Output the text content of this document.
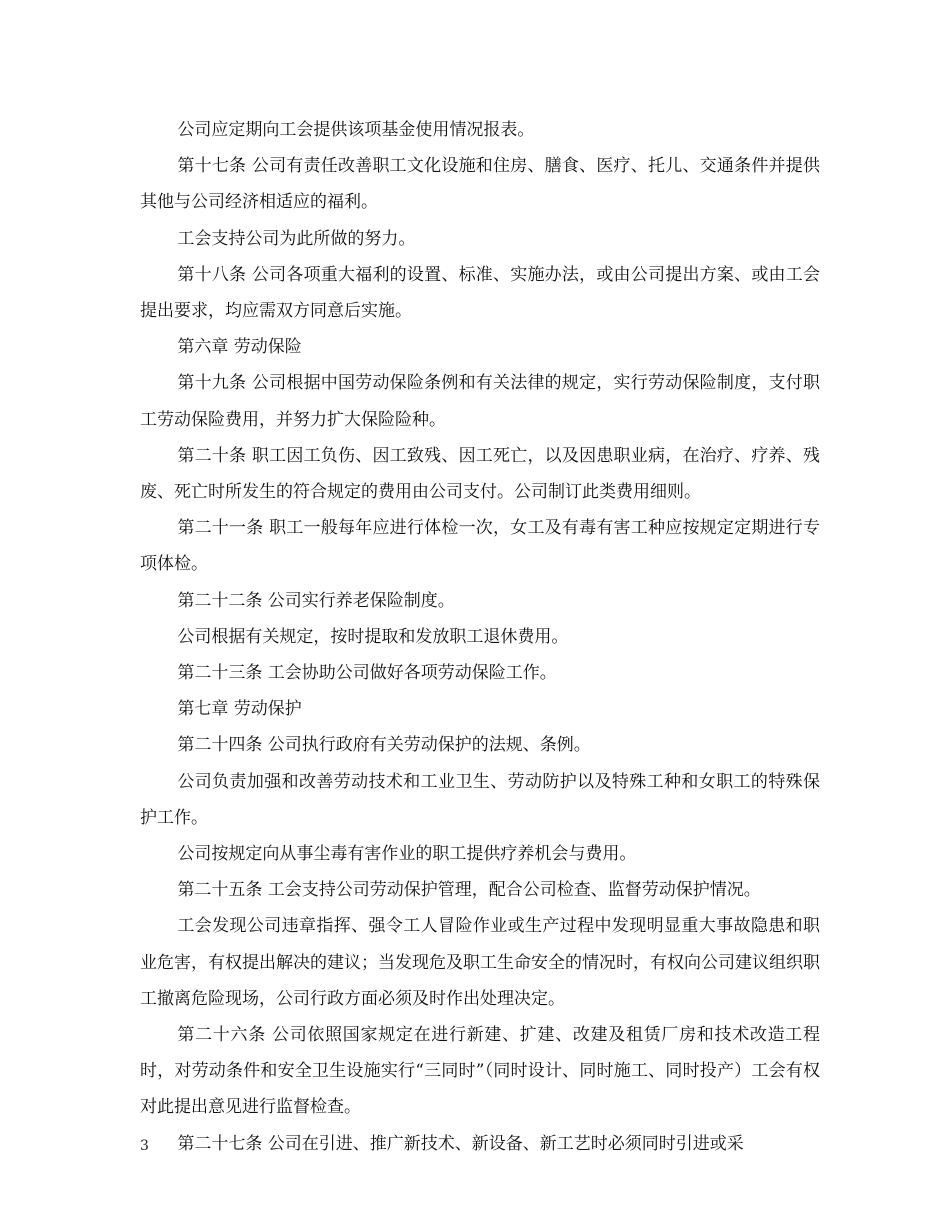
公司应定期向工会提供该项基金使用情况报表。

第十七条 公司有责任改善职工文化设施和住房、膳食、医疗、托儿、交通条件并提供其他与公司经济相适应的福利。

工会支持公司为此所做的努力。

第十八条 公司各项重大福利的设置、标准、实施办法，或由公司提出方案、或由工会提出要求，均应需双方同意后实施。

第六章 劳动保险

第十九条 公司根据中国劳动保险条例和有关法律的规定，实行劳动保险制度，支付职工劳动保险费用，并努力扩大保险险种。

第二十条 职工因工负伤、因工致残、因工死亡，以及因患职业病，在治疗、疗养、残废、死亡时所发生的符合规定的费用由公司支付。公司制订此类费用细则。

第二十一条 职工一般每年应进行体检一次，女工及有毒有害工种应按规定定期进行专项体检。

第二十二条 公司实行养老保险制度。

公司根据有关规定，按时提取和发放职工退休费用。

第二十三条 工会协助公司做好各项劳动保险工作。

第七章 劳动保护

第二十四条 公司执行政府有关劳动保护的法规、条例。

公司负责加强和改善劳动技术和工业卫生、劳动防护以及特殊工种和女职工的特殊保护工作。

公司按规定向从事尘毒有害作业的职工提供疗养机会与费用。

第二十五条 工会支持公司劳动保护管理，配合公司检查、监督劳动保护情况。

工会发现公司违章指挥、强令工人冒险作业或生产过程中发现明显重大事故隐患和职业危害，有权提出解决的建议；当发现危及职工生命安全的情况时，有权向公司建议组织职工撤离危险现场，公司行政方面必须及时作出处理决定。

第二十六条 公司依照国家规定在进行新建、扩建、改建及租赁厂房和技术改造工程时，对劳动条件和安全卫生设施实行“三同时”（同时设计、同时施工、同时投产）工会有权对此提出意见进行监督检查。

第二十七条 公司在引进、推广新技术、新设备、新工艺时必须同时引进或采

3
